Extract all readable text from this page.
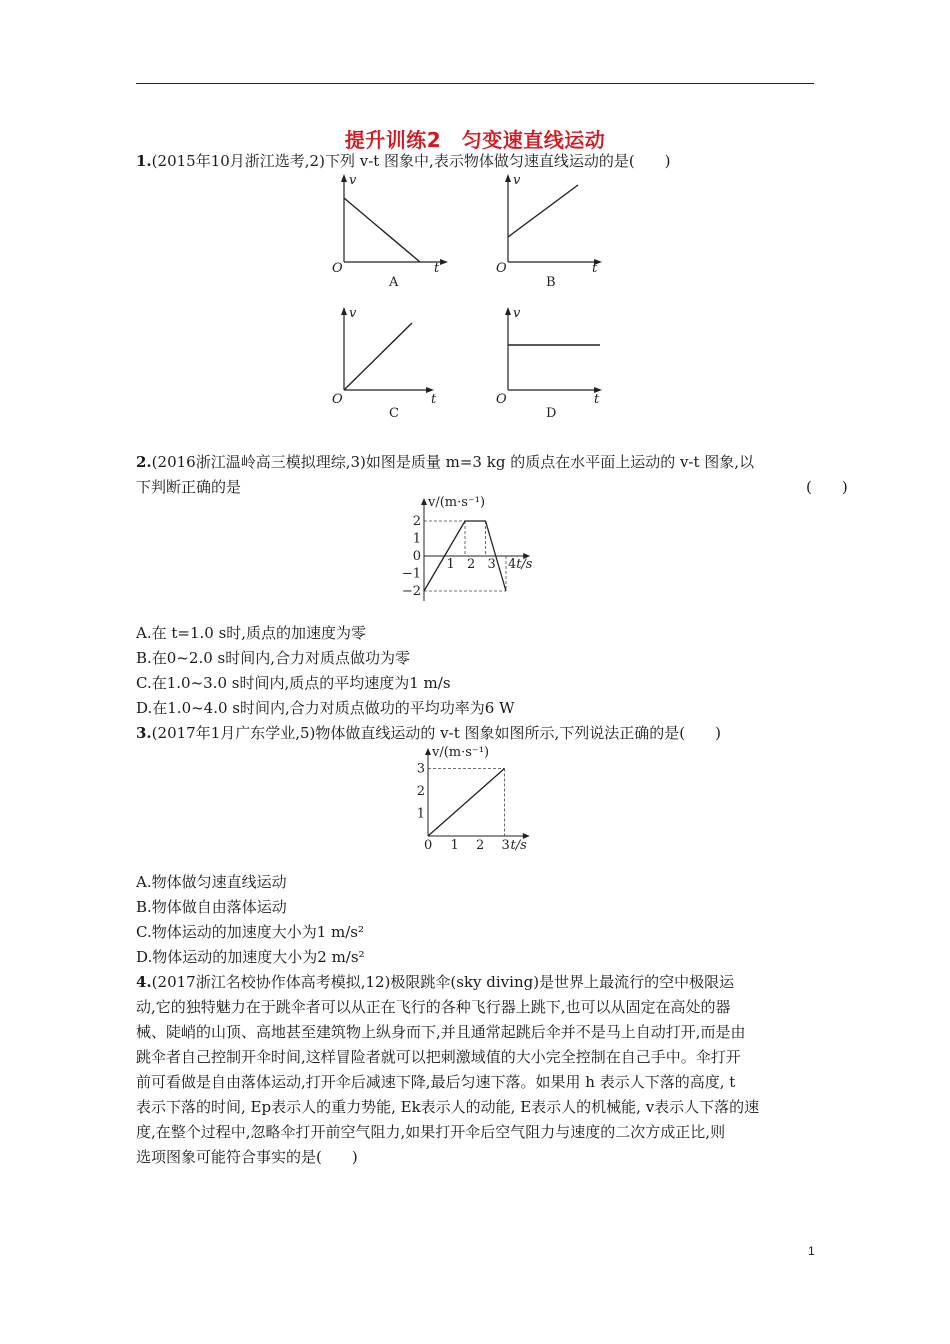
提升训练2　匀变速直线运动
1.(2015年10月浙江选考,2)下列 v-t 图象中,表示物体做匀速直线运动的是(　　)
v
O	t
A
v
O	t
B
v
O	t
C
v
O	t
D
2.(2016浙江温岭高三模拟理综,3)如图是质量 m=3 kg 的质点在水平面上运动的 v-t 图象,以
下判断正确的是	(　　)
2
1
0
−1
−2
1 2 3 4
v/(m·s⁻¹)
t/s
A.在 t=1.0 s时,质点的加速度为零
B.在0~2.0 s时间内,合力对质点做功为零
C.在1.0~3.0 s时间内,质点的平均速度为1 m/s
D.在1.0~4.0 s时间内,合力对质点做功的平均功率为6 W
3.(2017年1月广东学业,5)物体做直线运动的 v-t 图象如图所示,下列说法正确的是(　　)
3
2
1
0 1 2 3
v/(m·s⁻¹)
t/s
A.物体做匀速直线运动
B.物体做自由落体运动
C.物体运动的加速度大小为1 m/s²
D.物体运动的加速度大小为2 m/s²
4.(2017浙江名校协作体高考模拟,12)极限跳伞(sky diving)是世界上最流行的空中极限运
动,它的独特魅力在于跳伞者可以从正在飞行的各种飞行器上跳下,也可以从固定在高处的器
械、陡峭的山顶、高地甚至建筑物上纵身而下,并且通常起跳后伞并不是马上自动打开,而是由
跳伞者自己控制开伞时间,这样冒险者就可以把刺激域值的大小完全控制在自己手中。伞打开
前可看做是自由落体运动,打开伞后减速下降,最后匀速下落。如果用 h 表示人下落的高度, t
表示下落的时间, Ep表示人的重力势能, Ek表示人的动能, E表示人的机械能, v表示人下落的速
度,在整个过程中,忽略伞打开前空气阻力,如果打开伞后空气阻力与速度的二次方成正比,则
选项图象可能符合事实的是(　　)
1
